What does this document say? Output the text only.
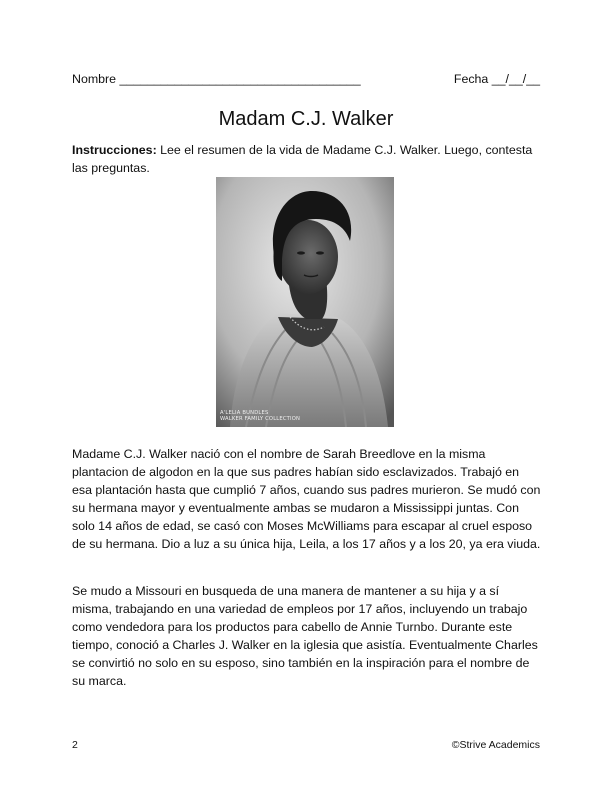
Nombre ___________________________________	Fecha __/__/__
Madam C.J. Walker

Instrucciones: Lee el resumen de la vida de Madame C.J. Walker. Luego, contesta las preguntas.

A'LELIA BUNDLES
WALKER FAMILY COLLECTION

Madame C.J. Walker nació con el nombre de Sarah Breedlove en la misma plantacion de algodon en la que sus padres habían sido esclavizados. Trabajó en esa plantación hasta que cumplió 7 años, cuando sus padres murieron. Se mudó con su hermana mayor y eventualmente ambas se mudaron a Mississippi juntas. Con solo 14 años de edad, se casó con Moses McWilliams para escapar al cruel esposo de su hermana. Dio a luz a su única hija, Leila, a los 17 años y a los 20, ya era viuda.

Se mudo a Missouri en busqueda de una manera de mantener a su hija y a sí misma, trabajando en una variedad de empleos por 17 años, incluyendo un trabajo como vendedora para los productos para cabello de Annie Turnbo. Durante este tiempo, conoció a Charles J. Walker en la iglesia que asistía. Eventualmente Charles se convirtió no solo en su esposo, sino también en la inspiración para el nombre de su marca.

2	©Strive Academics
